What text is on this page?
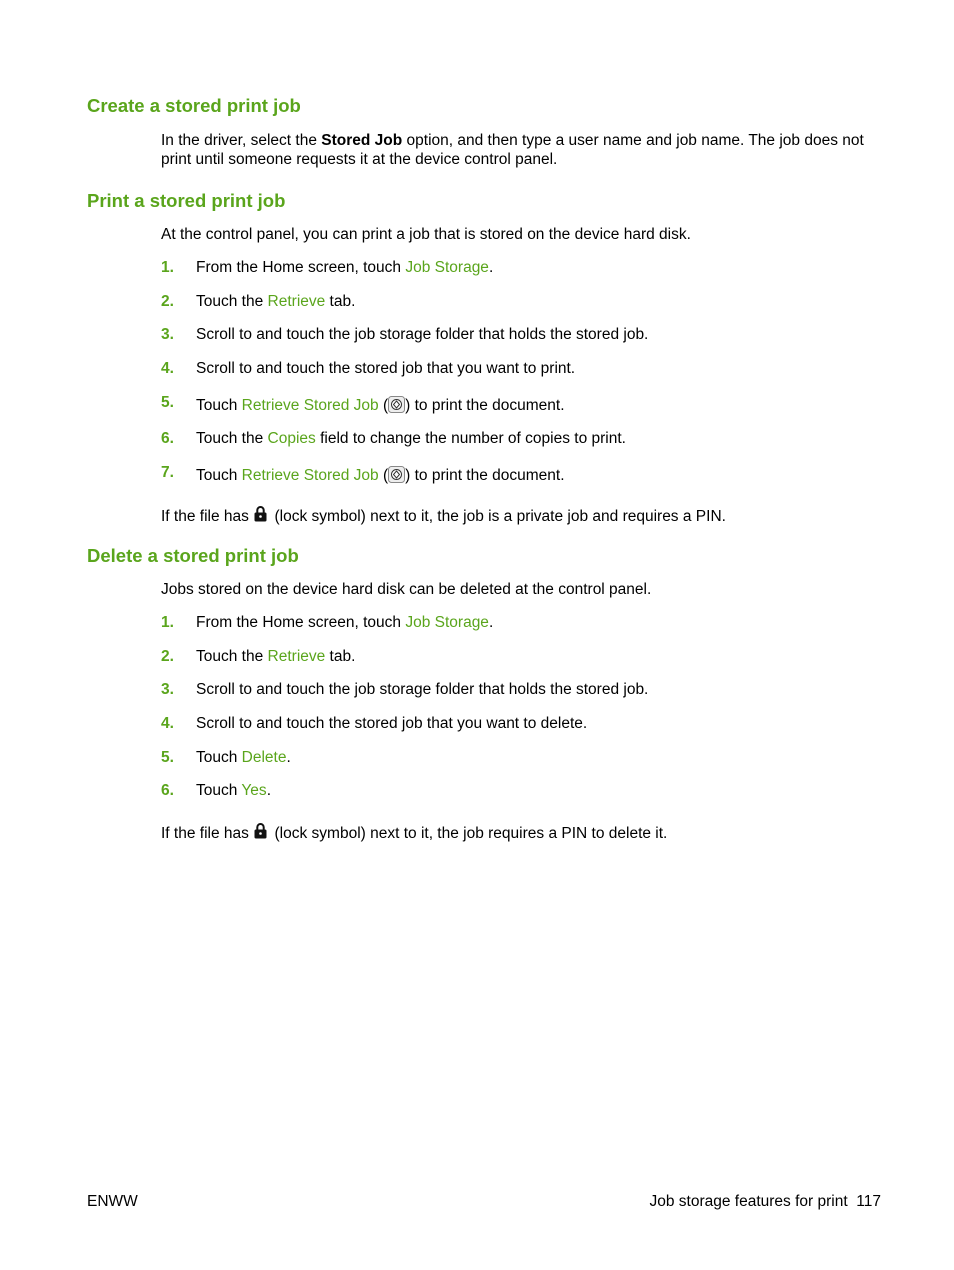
Create a stored print job

In the driver, select the Stored Job option, and then type a user name and job name. The job does not print until someone requests it at the device control panel.

Print a stored print job

At the control panel, you can print a job that is stored on the device hard disk.

1. From the Home screen, touch Job Storage.
2. Touch the Retrieve tab.
3. Scroll to and touch the job storage folder that holds the stored job.
4. Scroll to and touch the stored job that you want to print.
5. Touch Retrieve Stored Job ( ) to print the document.
6. Touch the Copies field to change the number of copies to print.
7. Touch Retrieve Stored Job ( ) to print the document.

If the file has  (lock symbol) next to it, the job is a private job and requires a PIN.

Delete a stored print job

Jobs stored on the device hard disk can be deleted at the control panel.

1. From the Home screen, touch Job Storage.
2. Touch the Retrieve tab.
3. Scroll to and touch the job storage folder that holds the stored job.
4. Scroll to and touch the stored job that you want to delete.
5. Touch Delete.
6. Touch Yes.

If the file has  (lock symbol) next to it, the job requires a PIN to delete it.

ENWW	Job storage features for print 117
